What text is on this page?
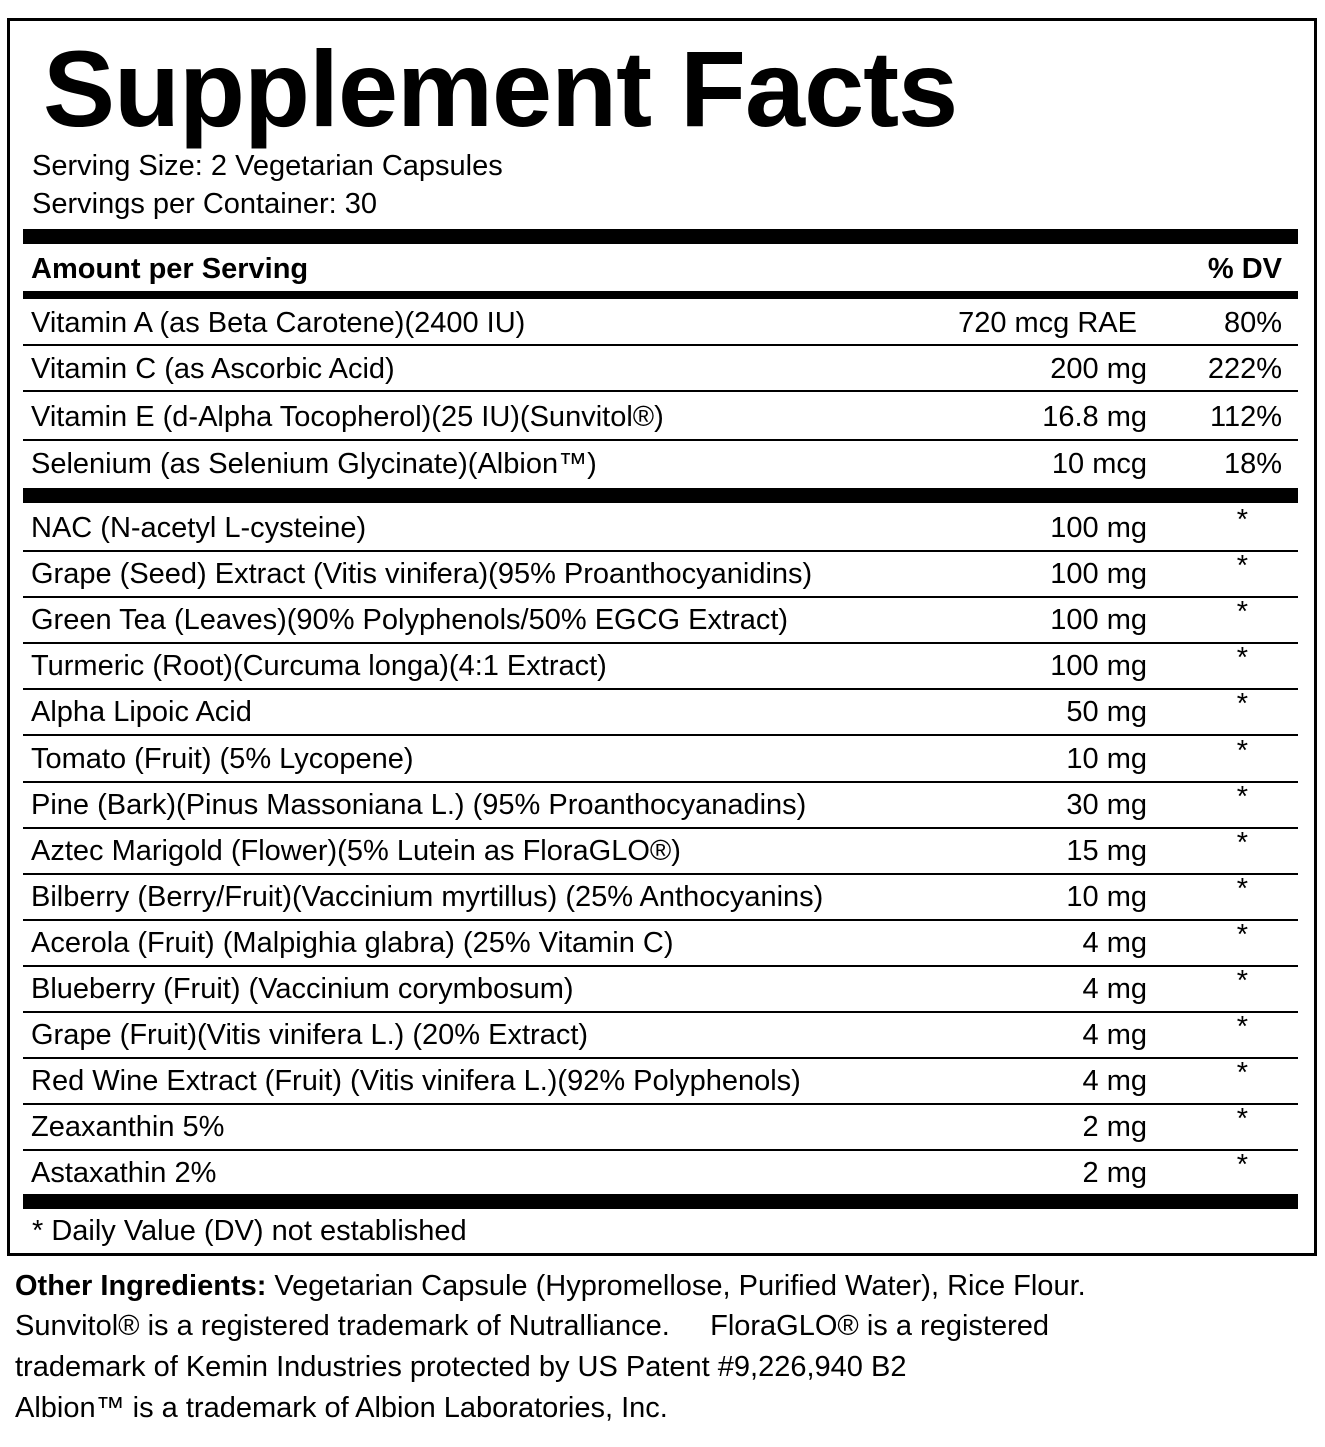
Supplement Facts
Serving Size: 2 Vegetarian Capsules
Servings per Container: 30
Amount per Serving	% DV
Vitamin A (as Beta Carotene)(2400 IU)	720 mcg RAE	80%
Vitamin C (as Ascorbic Acid)	200 mg 222%
Vitamin E (d-Alpha Tocopherol)(25 IU)(Sunvitol®)	16.8 mg 112%
Selenium (as Selenium Glycinate)(Albion™)	10 mcg	18%
NAC (N-acetyl L-cysteine)	100 mg	*
Grape (Seed) Extract (Vitis vinifera)(95% Proanthocyanidins)	100 mg	*
Green Tea (Leaves)(90% Polyphenols/50% EGCG Extract)	100 mg	*
Turmeric (Root)(Curcuma longa)(4:1 Extract)	100 mg	*
Alpha Lipoic Acid	50 mg	*
Tomato (Fruit) (5% Lycopene)	10 mg	*
Pine (Bark)(Pinus Massoniana L.) (95% Proanthocyanadins)	30 mg	*
Aztec Marigold (Flower)(5% Lutein as FloraGLO®)	15 mg	*
Bilberry (Berry/Fruit)(Vaccinium myrtillus) (25% Anthocyanins)	10 mg	*
Acerola (Fruit) (Malpighia glabra) (25% Vitamin C)	4 mg	*
Blueberry (Fruit) (Vaccinium corymbosum)	4 mg	*
Grape (Fruit)(Vitis vinifera L.) (20% Extract)	4 mg	*
Red Wine Extract (Fruit) (Vitis vinifera L.)(92% Polyphenols)	4 mg	*
Zeaxanthin 5%	2 mg	*
Astaxathin 2%	2 mg	*
* Daily Value (DV) not established
Other Ingredients: Vegetarian Capsule (Hypromellose, Purified Water), Rice Flour.
Sunvitol® is a registered trademark of Nutralliance.     FloraGLO® is a registered
trademark of Kemin Industries protected by US Patent #9,226,940 B2
Albion™ is a trademark of Albion Laboratories, Inc.
